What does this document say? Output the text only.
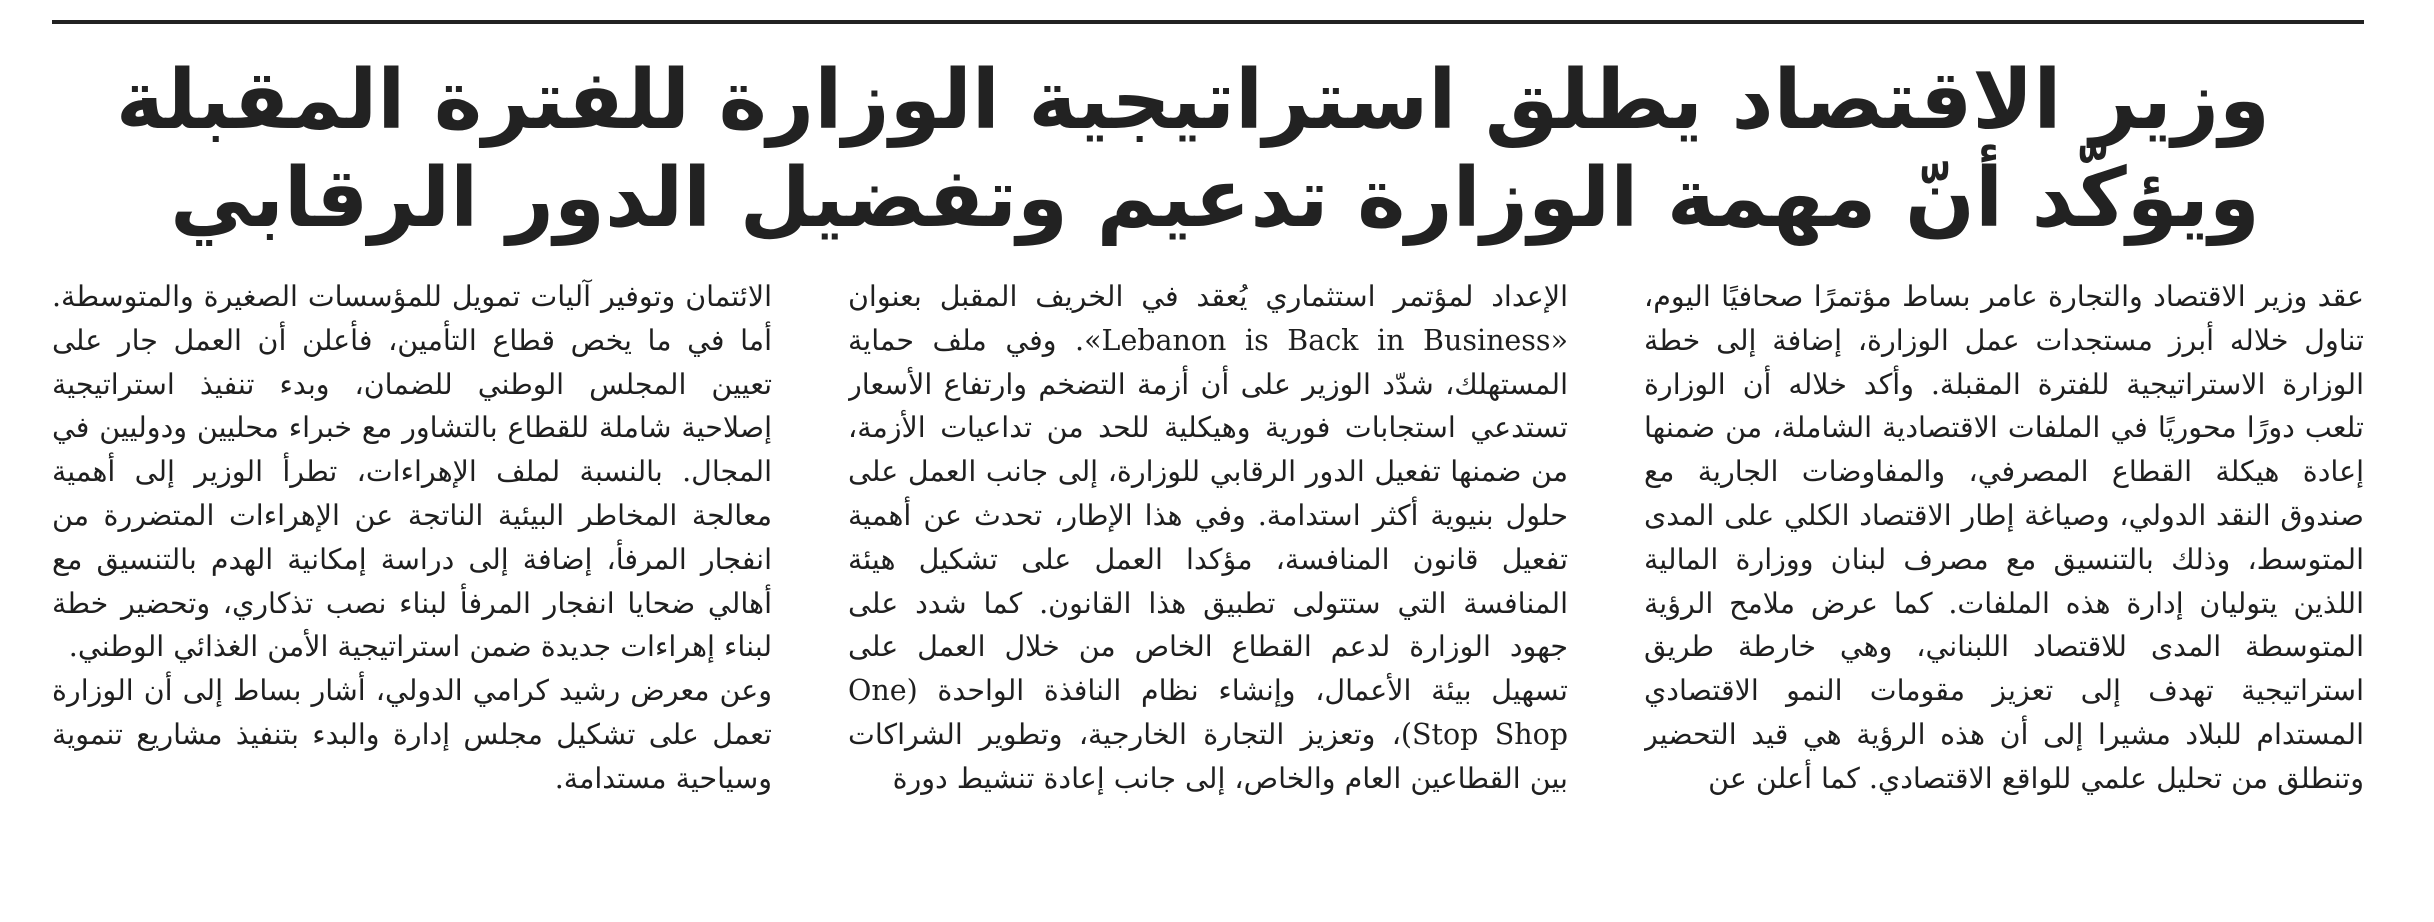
وزير الاقتصاد يطلق استراتيجية الوزارة للفترة المقبلة
ويؤكّد أنّ مهمة الوزارة تدعيم وتفضيل الدور الرقابي

عقد وزير الاقتصاد والتجارة عامر بساط مؤتمرًا صحافيًا اليوم، تناول خلاله أبرز مستجدات عمل الوزارة، إضافة إلى خطة الوزارة الاستراتيجية للفترة المقبلة. وأكد خلاله أن الوزارة تلعب دورًا محوريًا في الملفات الاقتصادية الشاملة، من ضمنها إعادة هيكلة القطاع المصرفي، والمفاوضات الجارية مع صندوق النقد الدولي، وصياغة إطار الاقتصاد الكلي على المدى المتوسط، وذلك بالتنسيق مع مصرف لبنان ووزارة المالية اللذين يتوليان إدارة هذه الملفات. كما عرض ملامح الرؤية المتوسطة المدى للاقتصاد اللبناني، وهي خارطة طريق استراتيجية تهدف إلى تعزيز مقومات النمو الاقتصادي المستدام للبلاد مشيرا إلى أن هذه الرؤية هي قيد التحضير وتنطلق من تحليل علمي للواقع الاقتصادي. كما أعلن عن

الإعداد لمؤتمر استثماري يُعقد في الخريف المقبل بعنوان «Lebanon is Back in Business». وفي ملف حماية المستهلك، شدّد الوزير على أن أزمة التضخم وارتفاع الأسعار تستدعي استجابات فورية وهيكلية للحد من تداعيات الأزمة، من ضمنها تفعيل الدور الرقابي للوزارة، إلى جانب العمل على حلول بنيوية أكثر استدامة. وفي هذا الإطار، تحدث عن أهمية تفعيل قانون المنافسة، مؤكدا العمل على تشكيل هيئة المنافسة التي ستتولى تطبيق هذا القانون. كما شدد على جهود الوزارة لدعم القطاع الخاص من خلال العمل على تسهيل بيئة الأعمال، وإنشاء نظام النافذة الواحدة (One Stop Shop)، وتعزيز التجارة الخارجية، وتطوير الشراكات بين القطاعين العام والخاص، إلى جانب إعادة تنشيط دورة

الائتمان وتوفير آليات تمويل للمؤسسات الصغيرة والمتوسطة. أما في ما يخص قطاع التأمين، فأعلن أن العمل جار على تعيين المجلس الوطني للضمان، وبدء تنفيذ استراتيجية إصلاحية شاملة للقطاع بالتشاور مع خبراء محليين ودوليين في المجال. بالنسبة لملف الإهراءات، تطرأ الوزير إلى أهمية معالجة المخاطر البيئية الناتجة عن الإهراءات المتضررة من انفجار المرفأ، إضافة إلى دراسة إمكانية الهدم بالتنسيق مع أهالي ضحايا انفجار المرفأ لبناء نصب تذكاري، وتحضير خطة لبناء إهراءات جديدة ضمن استراتيجية الأمن الغذائي الوطني.

وعن معرض رشيد كرامي الدولي، أشار بساط إلى أن الوزارة تعمل على تشكيل مجلس إدارة والبدء بتنفيذ مشاريع تنموية وسياحية مستدامة.
